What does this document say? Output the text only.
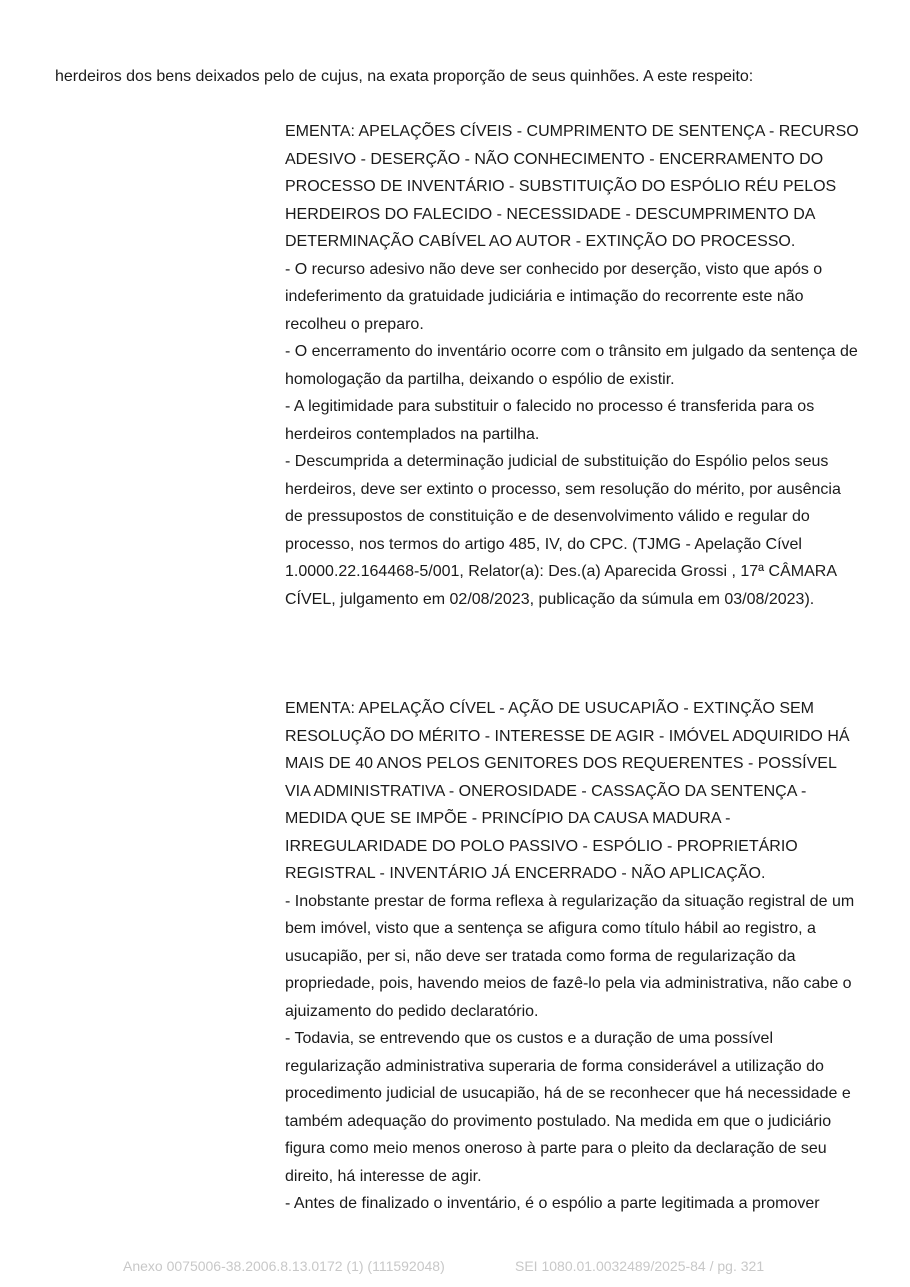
herdeiros dos bens deixados pelo de cujus, na exata proporção de seus quinhões. A este respeito:

EMENTA: APELAÇÕES CÍVEIS - CUMPRIMENTO DE SENTENÇA - RECURSO ADESIVO - DESERÇÃO - NÃO CONHECIMENTO - ENCERRAMENTO DO PROCESSO DE INVENTÁRIO - SUBSTITUIÇÃO DO ESPÓLIO RÉU PELOS HERDEIROS DO FALECIDO - NECESSIDADE - DESCUMPRIMENTO DA DETERMINAÇÃO CABÍVEL AO AUTOR - EXTINÇÃO DO PROCESSO.

- O recurso adesivo não deve ser conhecido por deserção, visto que após o indeferimento da gratuidade judiciária e intimação do recorrente este não recolheu o preparo.

- O encerramento do inventário ocorre com o trânsito em julgado da sentença de homologação da partilha, deixando o espólio de existir.

- A legitimidade para substituir o falecido no processo é transferida para os herdeiros contemplados na partilha.

- Descumprida a determinação judicial de substituição do Espólio pelos seus herdeiros, deve ser extinto o processo, sem resolução do mérito, por ausência de pressupostos de constituição e de desenvolvimento válido e regular do processo, nos termos do artigo 485, IV, do CPC. (TJMG - Apelação Cível 1.0000.22.164468-5/001, Relator(a): Des.(a) Aparecida Grossi , 17ª CÂMARA CÍVEL, julgamento em 02/08/2023, publicação da súmula em 03/08/2023).

EMENTA: APELAÇÃO CÍVEL - AÇÃO DE USUCAPIÃO - EXTINÇÃO SEM RESOLUÇÃO DO MÉRITO - INTERESSE DE AGIR - IMÓVEL ADQUIRIDO HÁ MAIS DE 40 ANOS PELOS GENITORES DOS REQUERENTES - POSSÍVEL VIA ADMINISTRATIVA - ONEROSIDADE - CASSAÇÃO DA SENTENÇA - MEDIDA QUE SE IMPÕE - PRINCÍPIO DA CAUSA MADURA - IRREGULARIDADE DO POLO PASSIVO - ESPÓLIO - PROPRIETÁRIO REGISTRAL - INVENTÁRIO JÁ ENCERRADO - NÃO APLICAÇÃO.

- Inobstante prestar de forma reflexa à regularização da situação registral de um bem imóvel, visto que a sentença se afigura como título hábil ao registro, a usucapião, per si, não deve ser tratada como forma de regularização da propriedade, pois, havendo meios de fazê-lo pela via administrativa, não cabe o ajuizamento do pedido declaratório.

- Todavia, se entrevendo que os custos e a duração de uma possível regularização administrativa superaria de forma considerável a utilização do procedimento judicial de usucapião, há de se reconhecer que há necessidade e também adequação do provimento postulado. Na medida em que o judiciário figura como meio menos oneroso à parte para o pleito da declaração de seu direito, há interesse de agir.

- Antes de finalizado o inventário, é o espólio a parte legitimada a promover

Anexo 0075006-38.2006.8.13.0172 (1) (111592048)	SEI 1080.01.0032489/2025-84 / pg. 321
